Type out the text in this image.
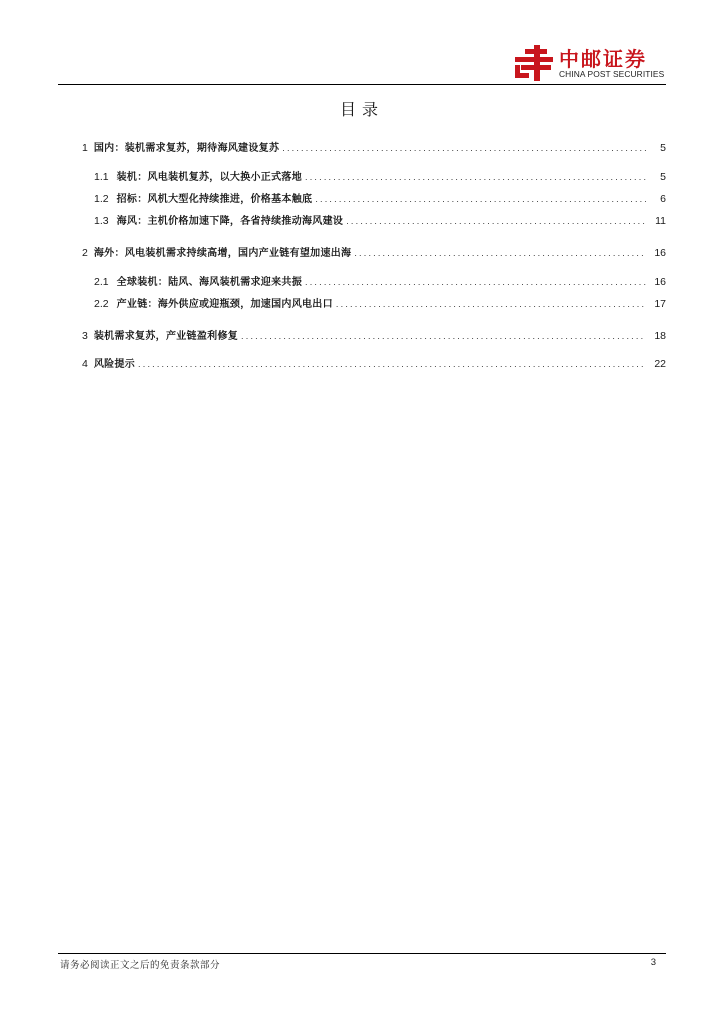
中邮证券
CHINA POST SECURITIES
目录
1 国内：装机需求复苏，期待海风建设复苏 .....	5
1.1 装机：风电装机复苏，以大换小正式落地 .....	5
1.2 招标：风机大型化持续推进，价格基本触底 .....	6
1.3 海风：主机价格加速下降，各省持续推动海风建设 .....	11
2 海外：风电装机需求持续高增，国内产业链有望加速出海 .....	16
2.1 全球装机：陆风、海风装机需求迎来共振 .....	16
2.2 产业链：海外供应或迎瓶颈，加速国内风电出口 .....	17
3 装机需求复苏，产业链盈利修复 .....	18
4 风险提示 .....	22
请务必阅读正文之后的免责条款部分	3
